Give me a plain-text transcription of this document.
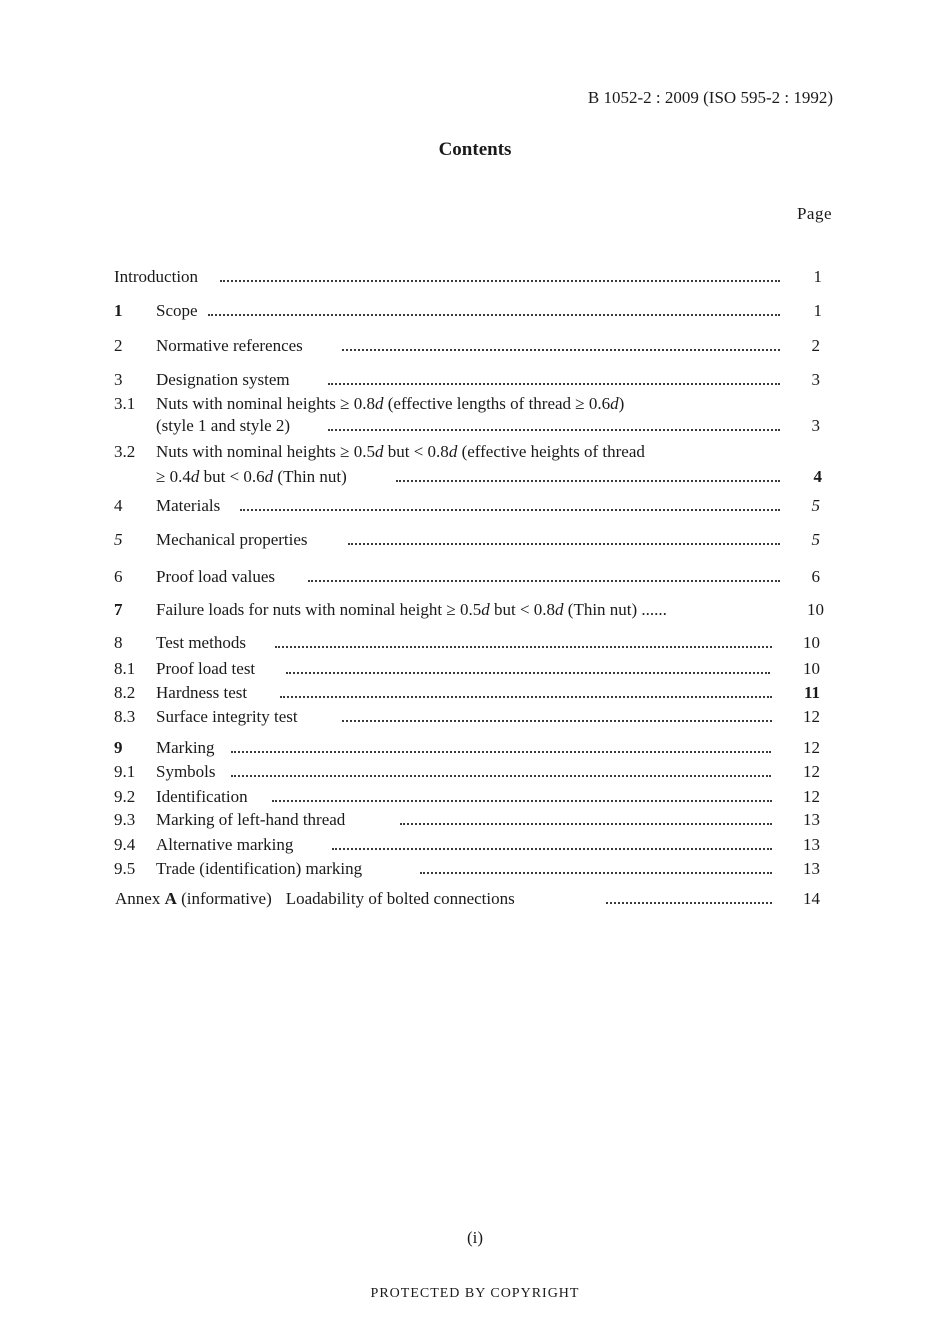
B 1052-2 : 2009 (ISO 595-2 : 1992)
Contents
Page
Introduction	1
1	Scope	1
2	Normative references	2
3	Designation system	3
3.1	Nuts with nominal heights ≥ 0.8d (effective lengths of thread ≥ 0.6d)
(style 1 and style 2)	3
3.2	Nuts with nominal heights ≥ 0.5d but < 0.8d (effective heights of thread
≥ 0.4d but < 0.6d (Thin nut)	4
4	Materials	5
5	Mechanical properties	5
6	Proof load values	6
7	Failure loads for nuts with nominal height ≥ 0.5d but < 0.8d (Thin nut) ......	10
8	Test methods	10
8.1	Proof load test	10
8.2	Hardness test	11
8.3	Surface integrity test	12
9	Marking	12
9.1	Symbols	12
9.2	Identification	12
9.3	Marking of left-hand thread	13
9.4	Alternative marking	13
9.5	Trade (identification) marking	13
Annex A (informative) Loadability of bolted connections	14
(i)
PROTECTED BY COPYRIGHT
